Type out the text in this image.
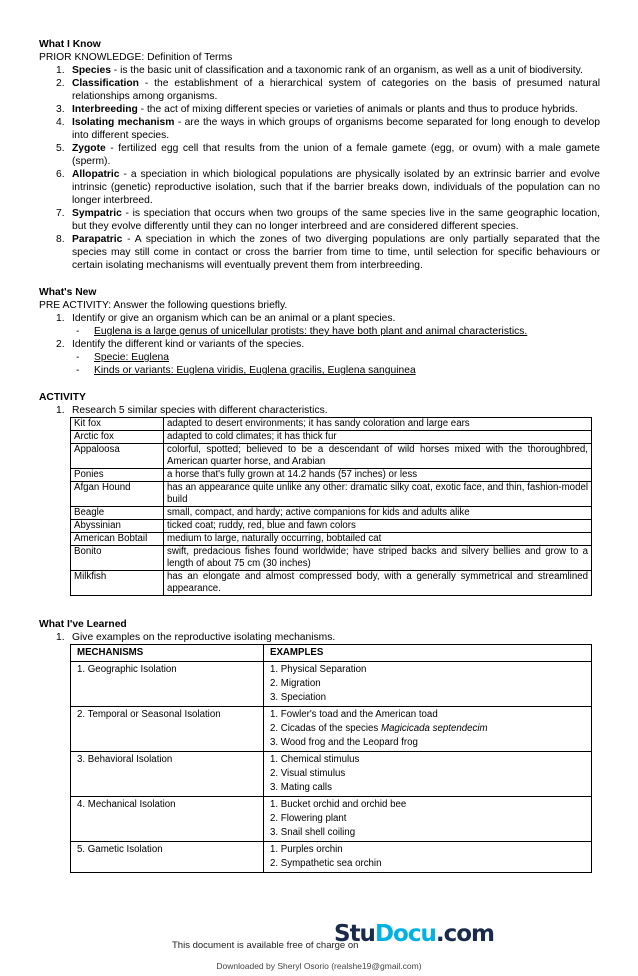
What I Know
PRIOR KNOWLEDGE: Definition of Terms
1. Species - is the basic unit of classification and a taxonomic rank of an organism, as well as a unit of biodiversity.
2. Classification - the establishment of a hierarchical system of categories on the basis of presumed natural relationships among organisms.
3. Interbreeding - the act of mixing different species or varieties of animals or plants and thus to produce hybrids.
4. Isolating mechanism - are the ways in which groups of organisms become separated for long enough to develop into different species.
5. Zygote - fertilized egg cell that results from the union of a female gamete (egg, or ovum) with a male gamete (sperm).
6. Allopatric - a speciation in which biological populations are physically isolated by an extrinsic barrier and evolve intrinsic (genetic) reproductive isolation, such that if the barrier breaks down, individuals of the population can no longer interbreed.
7. Sympatric - is speciation that occurs when two groups of the same species live in the same geographic location, but they evolve differently until they can no longer interbreed and are considered different species.
8. Parapatric - A speciation in which the zones of two diverging populations are only partially separated that the species may still come in contact or cross the barrier from time to time, until selection for specific behaviours or certain isolating mechanisms will eventually prevent them from interbreeding.
What's New
PRE ACTIVITY: Answer the following questions briefly.
1. Identify or give an organism which can be an animal or a plant species.
- Euglena is a large genus of unicellular protists: they have both plant and animal characteristics.
2. Identify the different kind or variants of the species.
- Specie: Euglena
- Kinds or variants: Euglena viridis, Euglena gracilis, Euglena sanguinea
ACTIVITY
1. Research 5 similar species with different characteristics.
Kit fox	adapted to desert environments; it has sandy coloration and large ears

Arctic fox	adapted to cold climates; it has thick fur

Appaloosa	colorful, spotted; believed to be a descendant of wild horses mixed with the thoroughbred, American quarter horse, and Arabian

Ponies	a horse that's fully grown at 14.2 hands (57 inches) or less

Afgan Hound	has an appearance quite unlike any other: dramatic silky coat, exotic face, and thin, fashion-model build

Beagle	small, compact, and hardy; active companions for kids and adults alike

Abyssinian	ticked coat; ruddy, red, blue and fawn colors

American Bobtail	medium to large, naturally occurring, bobtailed cat

Bonito	swift, predacious fishes found worldwide; have striped backs and silvery bellies and grow to a length of about 75 cm (30 inches)

Milkfish	has an elongate and almost compressed body, with a generally symmetrical and streamlined appearance.
What I've Learned
1. Give examples on the reproductive isolating mechanisms.
MECHANISMS	EXAMPLES
1. Geographic Isolation	1. Physical Separation
2. Migration
3. Speciation

2. Temporal or Seasonal Isolation	1. Fowler's toad and the American toad
2. Cicadas of the species Magicicada septendecim
3. Wood frog and the Leopard frog

3. Behavioral Isolation	1. Chemical stimulus
2. Visual stimulus
3. Mating calls

4. Mechanical Isolation	1. Bucket orchid and orchid bee
2. Flowering plant
3. Snail shell coiling

5. Gametic Isolation	1. Purples orchin
2. Sympathetic sea orchin
This document is available free of charge on
StuDocu.com
Downloaded by Sheryl Osorio (realshe19@gmail.com)
